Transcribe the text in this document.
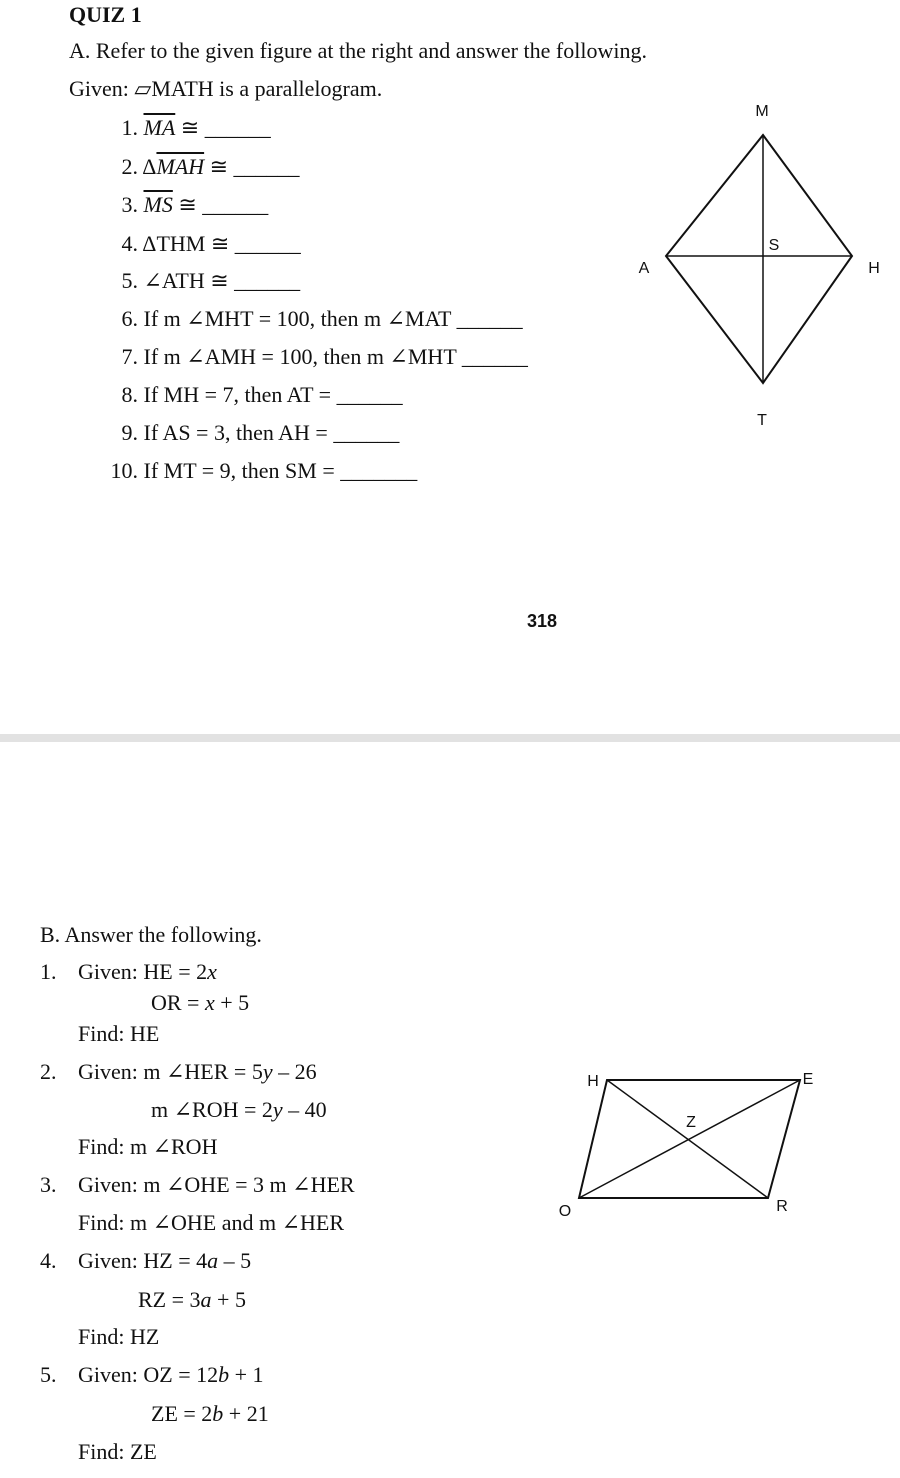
QUIZ 1
A. Refer to the given figure at the right and answer the following.
Given: ▱MATH is a parallelogram.
1. $\overline{MA}$ ≅ ______
2. $\Delta\overline{MAH}$ ≅ ______
3. $\overline{MS}$ ≅ ______
4. ΔTHM ≅ ______
5. ∠ATH ≅ ______
6. If m ∠MHT = 100, then m ∠MAT ______
7. If m ∠AMH = 100, then m ∠MHT ______
8. If MH = 7, then AT = ______
9. If AS = 3, then AH = ______
10. If MT = 9, then SM = _______
M
A
S
H
T
318
B. Answer the following.
1. Given: HE = 2x
OR = x + 5
Find: HE
2. Given: m ∠HER = 5y – 26
m ∠ROH = 2y – 40
Find: m ∠ROH
3. Given: m ∠OHE = 3 m ∠HER
Find: m ∠OHE and m ∠HER
4. Given: HZ = 4a – 5
RZ = 3a + 5
Find: HZ
5. Given: OZ = 12b + 1
ZE = 2b + 21
Find: ZE
H	E
Z
O	R
